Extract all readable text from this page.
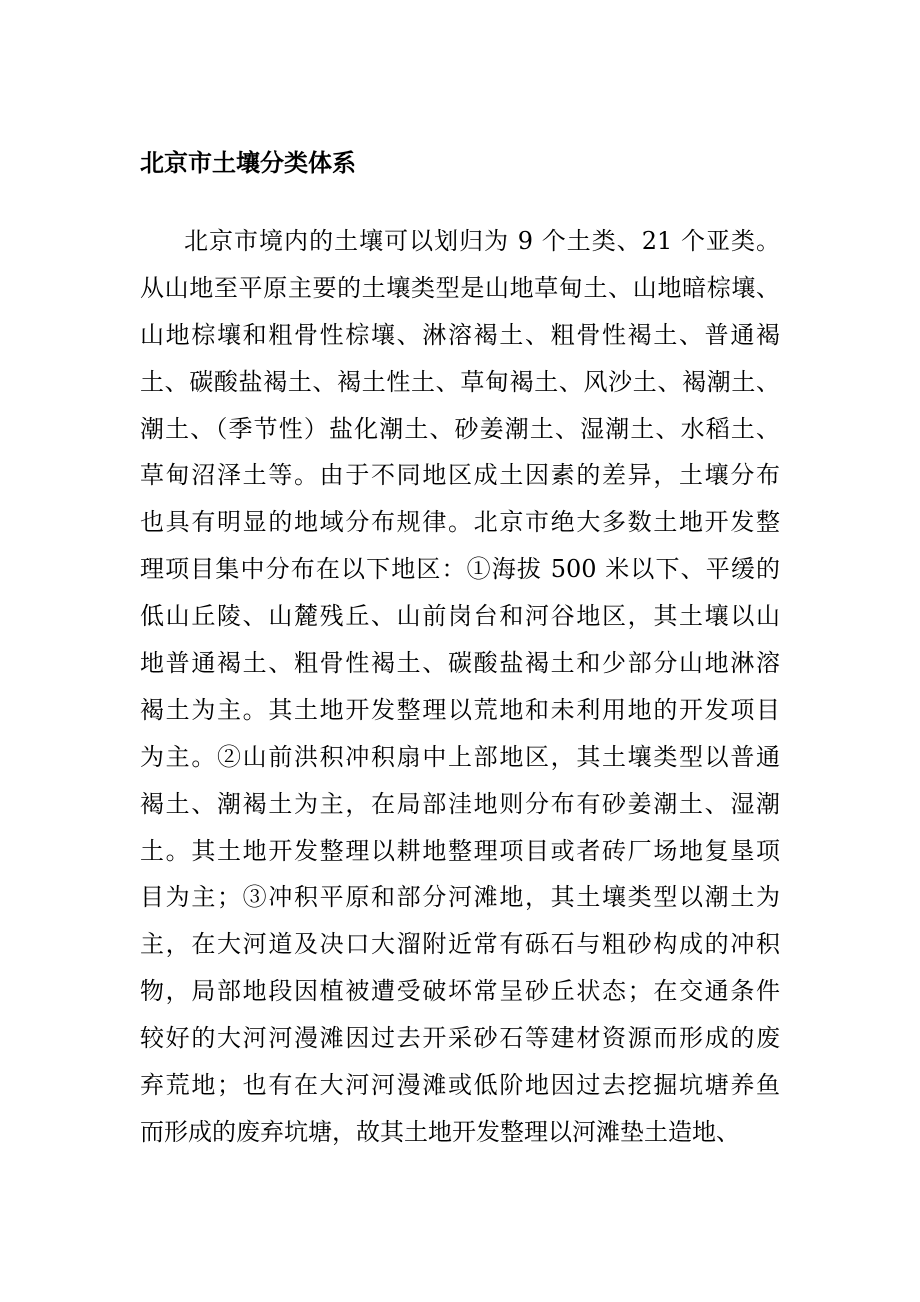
北京市土壤分类体系
北京市境内的土壤可以划归为 9 个土类、21 个亚类。
从山地至平原主要的土壤类型是山地草甸土、山地暗棕壤、
山地棕壤和粗骨性棕壤、淋溶褐土、粗骨性褐土、普通褐
土、碳酸盐褐土、褐土性土、草甸褐土、风沙土、褐潮土、
潮土、（季节性）盐化潮土、砂姜潮土、湿潮土、水稻土、
草甸沼泽土等。由于不同地区成土因素的差异，土壤分布
也具有明显的地域分布规律。北京市绝大多数土地开发整
理项目集中分布在以下地区：①海拔 500 米以下、平缓的
低山丘陵、山麓残丘、山前岗台和河谷地区，其土壤以山
地普通褐土、粗骨性褐土、碳酸盐褐土和少部分山地淋溶
褐土为主。其土地开发整理以荒地和未利用地的开发项目
为主。②山前洪积冲积扇中上部地区，其土壤类型以普通
褐土、潮褐土为主，在局部洼地则分布有砂姜潮土、湿潮
土。其土地开发整理以耕地整理项目或者砖厂场地复垦项
目为主；③冲积平原和部分河滩地，其土壤类型以潮土为
主，在大河道及决口大溜附近常有砾石与粗砂构成的冲积
物，局部地段因植被遭受破坏常呈砂丘状态；在交通条件
较好的大河河漫滩因过去开采砂石等建材资源而形成的废
弃荒地；也有在大河河漫滩或低阶地因过去挖掘坑塘养鱼
而形成的废弃坑塘，故其土地开发整理以河滩垫土造地、
